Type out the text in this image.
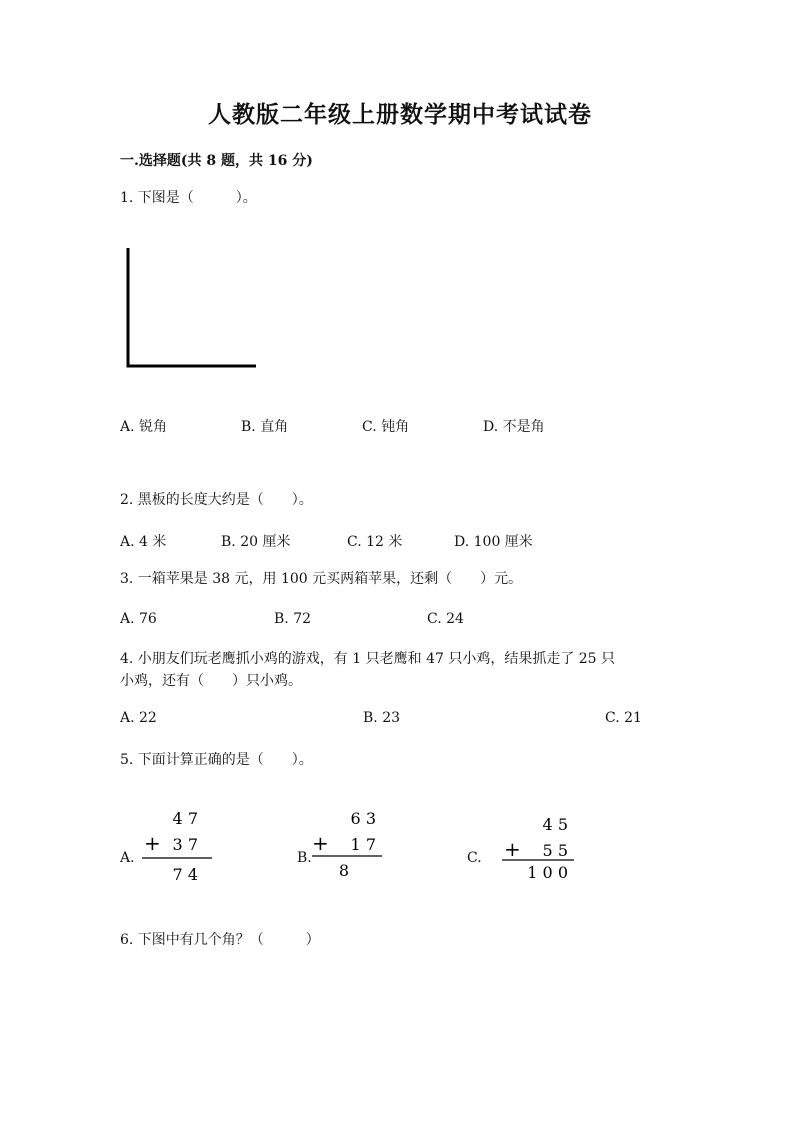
人教版二年级上册数学期中考试试卷
一.选择题(共 8 题，共 16 分)
1. 下图是（　　　）。
A. 锐角	B. 直角	C. 钝角	D. 不是角
2. 黑板的长度大约是（　　）。
A. 4 米	B. 20 厘米	C. 12 米	D. 100 厘米
3. 一箱苹果是 38 元，用 100 元买两箱苹果，还剩（　　）元。
A. 76	B. 72	C. 24
4. 小朋友们玩老鹰抓小鸡的游戏，有 1 只老鹰和 47 只小鸡，结果抓走了 25 只
小鸡，还有（　　）只小鸡。
A. 22	B. 23	C. 21
5. 下面计算正确的是（　　）。
A.
4 7
+ 3 7
7 4
B.
6 3
+ 1 7
8
C.
4 5
+ 5 5
1 0 0
6. 下图中有几个角？（　　　）
